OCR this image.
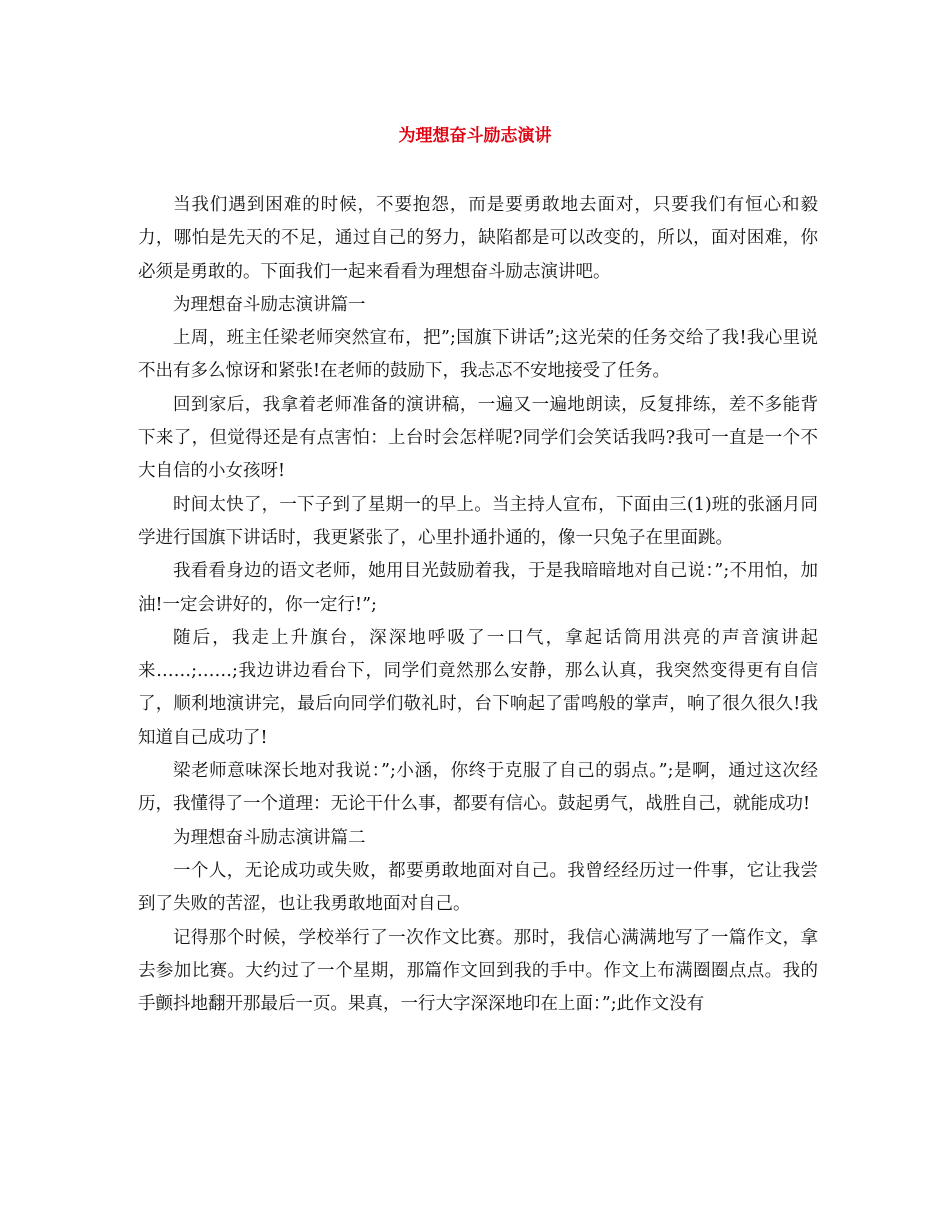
为理想奋斗励志演讲

当我们遇到困难的时候，不要抱怨，而是要勇敢地去面对，只要我们有恒心和毅力，哪怕是先天的不足，通过自己的努力，缺陷都是可以改变的，所以，面对困难，你必须是勇敢的。下面我们一起来看看为理想奋斗励志演讲吧。

为理想奋斗励志演讲篇一

上周，班主任梁老师突然宣布，把”;国旗下讲话”;这光荣的任务交给了我!我心里说不出有多么惊讶和紧张!在老师的鼓励下，我忐忑不安地接受了任务。

回到家后，我拿着老师准备的演讲稿，一遍又一遍地朗读，反复排练，差不多能背下来了，但觉得还是有点害怕：上台时会怎样呢?同学们会笑话我吗?我可一直是一个不大自信的小女孩呀!

时间太快了，一下子到了星期一的早上。当主持人宣布，下面由三(1)班的张涵月同学进行国旗下讲话时，我更紧张了，心里扑通扑通的，像一只兔子在里面跳。

我看看身边的语文老师，她用目光鼓励着我，于是我暗暗地对自己说：”;不用怕，加油!一定会讲好的，你一定行!”;

随后，我走上升旗台，深深地呼吸了一口气，拿起话筒用洪亮的声音演讲起来……;……;我边讲边看台下，同学们竟然那么安静，那么认真，我突然变得更有自信了，顺利地演讲完，最后向同学们敬礼时，台下响起了雷鸣般的掌声，响了很久很久!我知道自己成功了!

梁老师意味深长地对我说：”;小涵，你终于克服了自己的弱点。”;是啊，通过这次经历，我懂得了一个道理：无论干什么事，都要有信心。鼓起勇气，战胜自己，就能成功!

为理想奋斗励志演讲篇二

一个人，无论成功或失败，都要勇敢地面对自己。我曾经经历过一件事，它让我尝到了失败的苦涩，也让我勇敢地面对自己。

记得那个时候，学校举行了一次作文比赛。那时，我信心满满地写了一篇作文，拿去参加比赛。大约过了一个星期，那篇作文回到我的手中。作文上布满圈圈点点。我的手颤抖地翻开那最后一页。果真，一行大字深深地印在上面：”;此作文没有
